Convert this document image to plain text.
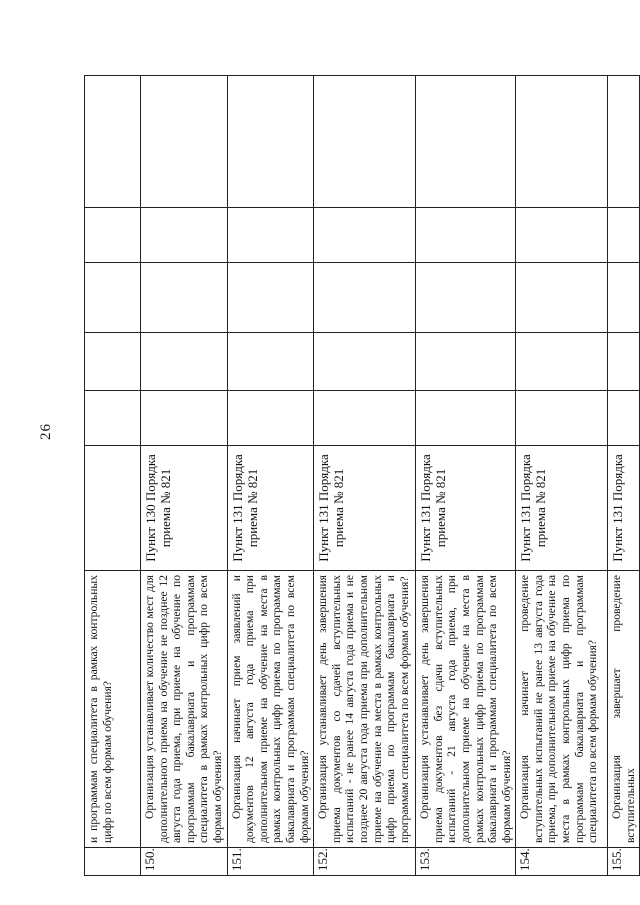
26
	и программам специалитета в рамках контрольных цифр по всем формам обучения?						
150.	Организация устанавливает количество мест для дополнительного приема на обучение не позднее 12 августа года приема, при приеме на обучение по программам бакалавриата и программам специалитета в рамках контрольных цифр по всем формам обучения?	Пункт 130 Порядка приема № 821					
151.	Организация начинает прием заявлений и документов 12 августа года приема при дополнительном приеме на обучение на места в рамках контрольных цифр приема по программам бакалавриата и программам специалитета по всем формам обучения?	Пункт 131 Порядка приема № 821					
152.	Организация устанавливает день завершения приема документов со сдачей вступительных испытаний - не ранее 14 августа года приема и не позднее 20 августа года приема при дополнительном приеме на обучение на места в рамках контрольных цифр приема по программам бакалавриата и программам специалитета по всем формам обучения?	Пункт 131 Порядка приема № 821					
153.	Организация устанавливает день завершения приема документов без сдачи вступительных испытаний - 21 августа года приема, при дополнительном приеме на обучение на места в рамках контрольных цифр приема по программам бакалавриата и программам специалитета по всем формам обучения?	Пункт 131 Порядка приема № 821					
154.	Организация начинает проведение вступительных испытаний не ранее 13 августа года приема, при дополнительном приеме на обучение на места в рамках контрольных цифр приема по программам бакалавриата и программам специалитета по всем формам обучения?	Пункт 131 Порядка приема № 821					
155.	Организация завершает проведение вступительных	Пункт 131 Порядка					
